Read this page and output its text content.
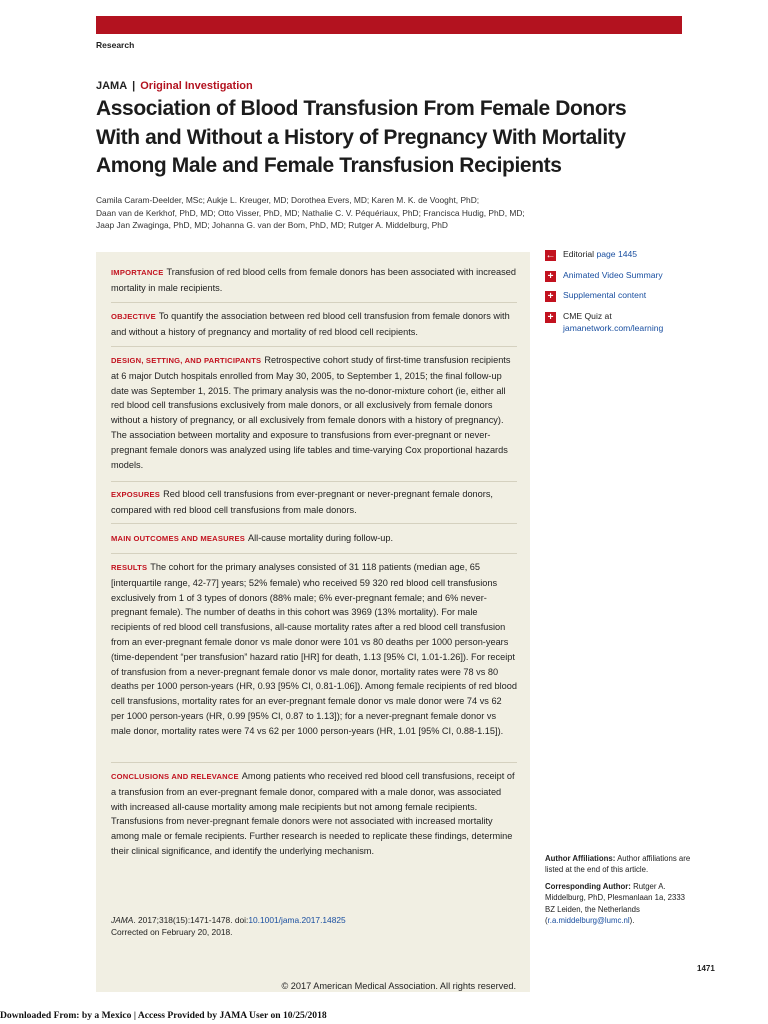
Research
JAMA | Original Investigation
Association of Blood Transfusion From Female Donors With and Without a History of Pregnancy With Mortality Among Male and Female Transfusion Recipients
Camila Caram-Deelder, MSc; Aukje L. Kreuger, MD; Dorothea Evers, MD; Karen M. K. de Vooght, PhD;
Daan van de Kerkhof, PhD, MD; Otto Visser, PhD, MD; Nathalie C. V. Péquériaux, PhD; Francisca Hudig, PhD, MD;
Jaap Jan Zwaginga, PhD, MD; Johanna G. van der Bom, PhD, MD; Rutger A. Middelburg, PhD
IMPORTANCE Transfusion of red blood cells from female donors has been associated with increased mortality in male recipients.
OBJECTIVE To quantify the association between red blood cell transfusion from female donors with and without a history of pregnancy and mortality of red blood cell recipients.
DESIGN, SETTING, AND PARTICIPANTS Retrospective cohort study of first-time transfusion recipients at 6 major Dutch hospitals enrolled from May 30, 2005, to September 1, 2015; the final follow-up date was September 1, 2015. The primary analysis was the no-donor-mixture cohort (ie, either all red blood cell transfusions exclusively from male donors, or all exclusively from female donors without a history of pregnancy, or all exclusively from female donors with a history of pregnancy). The association between mortality and exposure to transfusions from ever-pregnant or never-pregnant female donors was analyzed using life tables and time-varying Cox proportional hazards models.
EXPOSURES Red blood cell transfusions from ever-pregnant or never-pregnant female donors, compared with red blood cell transfusions from male donors.
MAIN OUTCOMES AND MEASURES All-cause mortality during follow-up.
RESULTS The cohort for the primary analyses consisted of 31 118 patients (median age, 65 [interquartile range, 42-77] years; 52% female) who received 59 320 red blood cell transfusions exclusively from 1 of 3 types of donors (88% male; 6% ever-pregnant female; and 6% never-pregnant female). The number of deaths in this cohort was 3969 (13% mortality). For male recipients of red blood cell transfusions, all-cause mortality rates after a red blood cell transfusion from an ever-pregnant female donor vs male donor were 101 vs 80 deaths per 1000 person-years (time-dependent “per transfusion” hazard ratio [HR] for death, 1.13 [95% CI, 1.01-1.26]). For receipt of transfusion from a never-pregnant female donor vs male donor, mortality rates were 78 vs 80 deaths per 1000 person-years (HR, 0.93 [95% CI, 0.81-1.06]). Among female recipients of red blood cell transfusions, mortality rates for an ever-pregnant female donor vs male donor were 74 vs 62 per 1000 person-years (HR, 0.99 [95% CI, 0.87 to 1.13]); for a never-pregnant female donor vs male donor, mortality rates were 74 vs 62 per 1000 person-years (HR, 1.01 [95% CI, 0.88-1.15]).
CONCLUSIONS AND RELEVANCE Among patients who received red blood cell transfusions, receipt of a transfusion from an ever-pregnant female donor, compared with a male donor, was associated with increased all-cause mortality among male recipients but not among female recipients. Transfusions from never-pregnant female donors were not associated with increased mortality among male or female recipients. Further research is needed to replicate these findings, determine their clinical significance, and identify the underlying mechanism.
JAMA. 2017;318(15):1471-1478. doi:10.1001/jama.2017.14825
Corrected on February 20, 2018.
© 2017 American Medical Association. All rights reserved.
← Editorial page 1445
+ Animated Video Summary
+ Supplemental content
+ CME Quiz at
jamanetwork.com/learning

Author Affiliations: Author affiliations are listed at the end of this article.

Corresponding Author: Rutger A. Middelburg, PhD, Plesmanlaan 1a, 2333 BZ Leiden, the Netherlands (r.a.middelburg@lumc.nl).

1471
Downloaded From: by a Mexico | Access Provided by JAMA User on 10/25/2018
